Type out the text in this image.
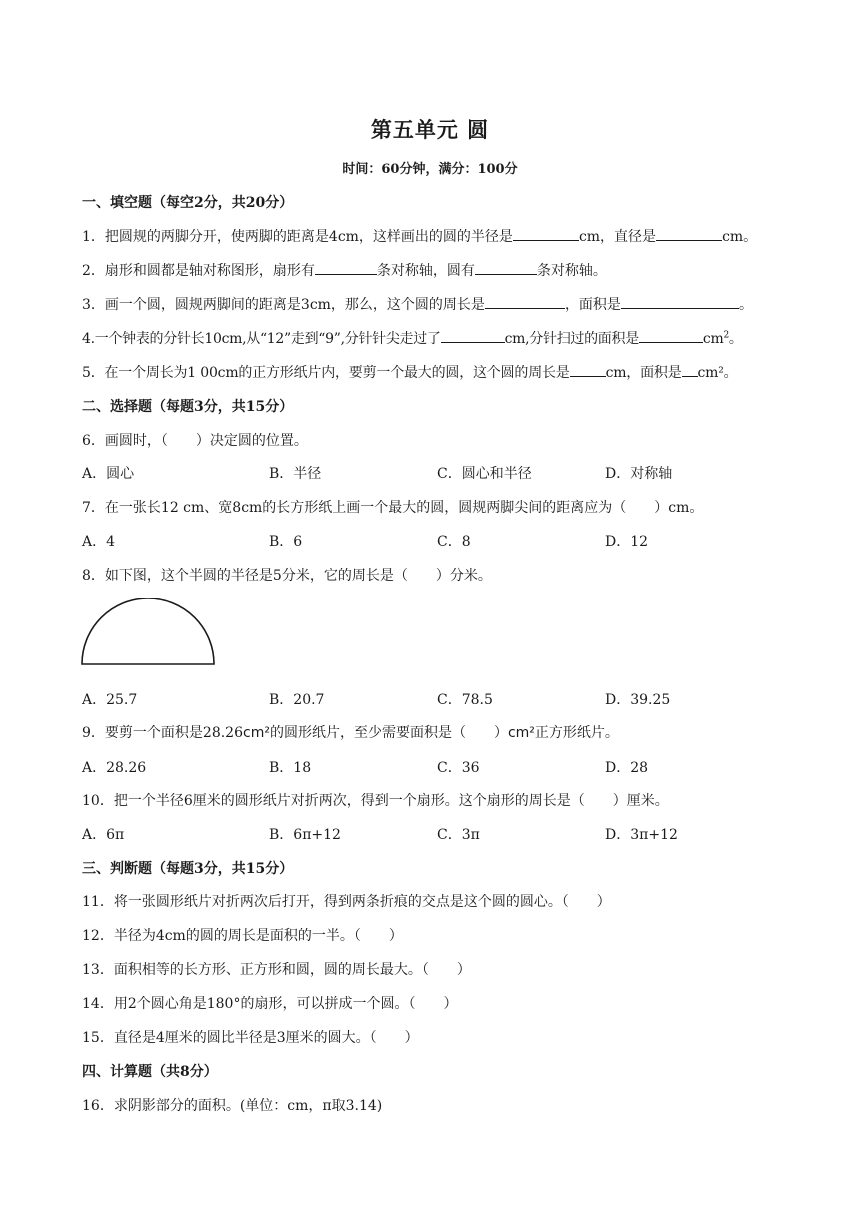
第五单元 圆
时间：60分钟，满分：100分
一、填空题（每空2分，共20分）
1．把圆规的两脚分开，使两脚的距离是4cm，这样画出的圆的半径是	cm，直径是	cm。
2．扇形和圆都是轴对称图形，扇形有	条对称轴，圆有	条对称轴。
3．画一个圆，圆规两脚间的距离是3cm，那么，这个圆的周长是	，面积是	。
4.一个钟表的分针长10cm,从“12”走到“9”,分针针尖走过了	cm,分针扫过的面积是	$cm^2$。
5．在一个周长为1 00cm的正方形纸片内，要剪一个最大的圆，这个圆的周长是	cm，面积是 cm²。
二、选择题（每题3分，共15分）
6．画圆时，（　　）决定圆的位置。
A．圆心	B．半径	C．圆心和半径	D．对称轴
7．在一张长12 cm、宽8cm的长方形纸上画一个最大的圆，圆规两脚尖间的距离应为（　　）cm。
A．4	B．6	C．8	D．12
8．如下图，这个半圆的半径是5分米，它的周长是（　　）分米。
A．25.7	B．20.7	C．78.5	D．39.25
9．要剪一个面积是28.26cm²的圆形纸片，至少需要面积是（　　）cm²正方形纸片。
A．28.26	B．18	C．36	D．28
10．把一个半径6厘米的圆形纸片对折两次，得到一个扇形。这个扇形的周长是（　　）厘米。
A．6π	B．6π+12	C．3π	D．3π+12
三、判断题（每题3分，共15分）
11．将一张圆形纸片对折两次后打开，得到两条折痕的交点是这个圆的圆心。（　　）
12．半径为4cm的圆的周长是面积的一半。（　　）
13．面积相等的长方形、正方形和圆，圆的周长最大。（　　）
14．用2个圆心角是180°的扇形，可以拼成一个圆。（　　）
15．直径是4厘米的圆比半径是3厘米的圆大。（　　）
四、计算题（共8分）
16．求阴影部分的面积。(单位：cm，π取3.14)
